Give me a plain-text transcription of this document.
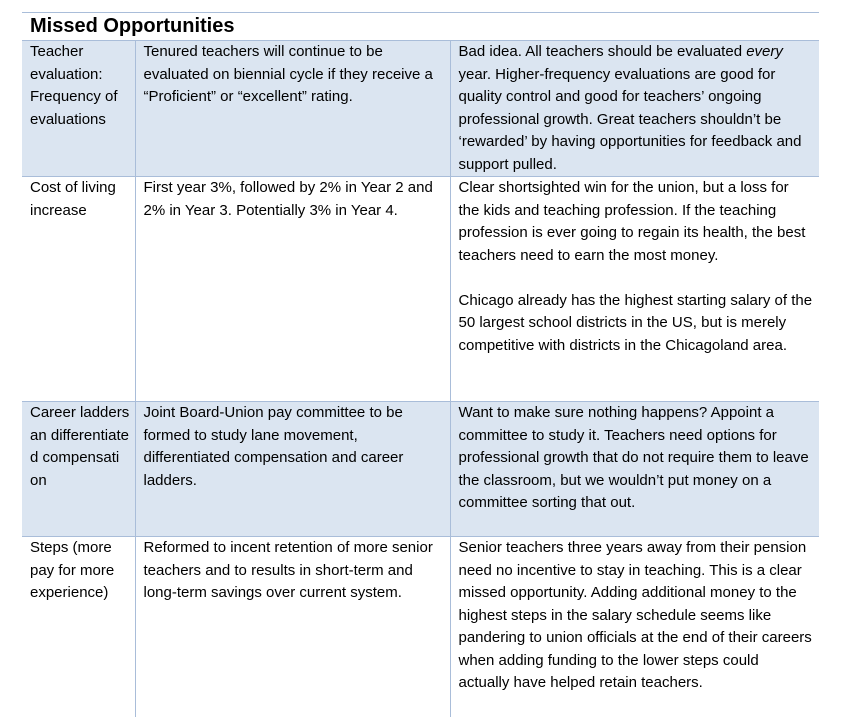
Missed Opportunities
Teacher evaluation: Frequency of evaluations	Tenured teachers will continue to be evaluated on biennial cycle if they receive a “Proficient” or “excellent” rating.	Bad idea. All teachers should be evaluated every year. Higher-frequency evaluations are good for quality control and good for teachers’ ongoing professional growth. Great teachers shouldn’t be ‘rewarded’ by having opportunities for feedback and support pulled.
Cost of living increase	First year 3%, followed by 2% in Year 2 and 2% in Year 3. Potentially 3% in Year 4.	Clear shortsighted win for the union, but a loss for the kids and teaching profession. If the teaching profession is ever going to regain its health, the best teachers need to earn the most money.
Chicago already has the highest starting salary of the 50 largest school districts in the US, but is merely competitive with districts in the Chicagoland area.

Career ladders an differentiate d compensati on	Joint Board-Union pay committee to be formed to study lane movement, differentiated compensation and career ladders.	Want to make sure nothing happens? Appoint a committee to study it. Teachers need options for professional growth that do not require them to leave the classroom, but we wouldn’t put money on a committee sorting that out.
Steps (more pay for more experience)	Reformed to incent retention of more senior teachers and to results in short-term and long-term savings over current system.	Senior teachers three years away from their pension need no incentive to stay in teaching. This is a clear missed opportunity. Adding additional money to the highest steps in the salary schedule seems like pandering to union officials at the end of their careers when adding funding to the lower steps could actually have helped retain teachers.
